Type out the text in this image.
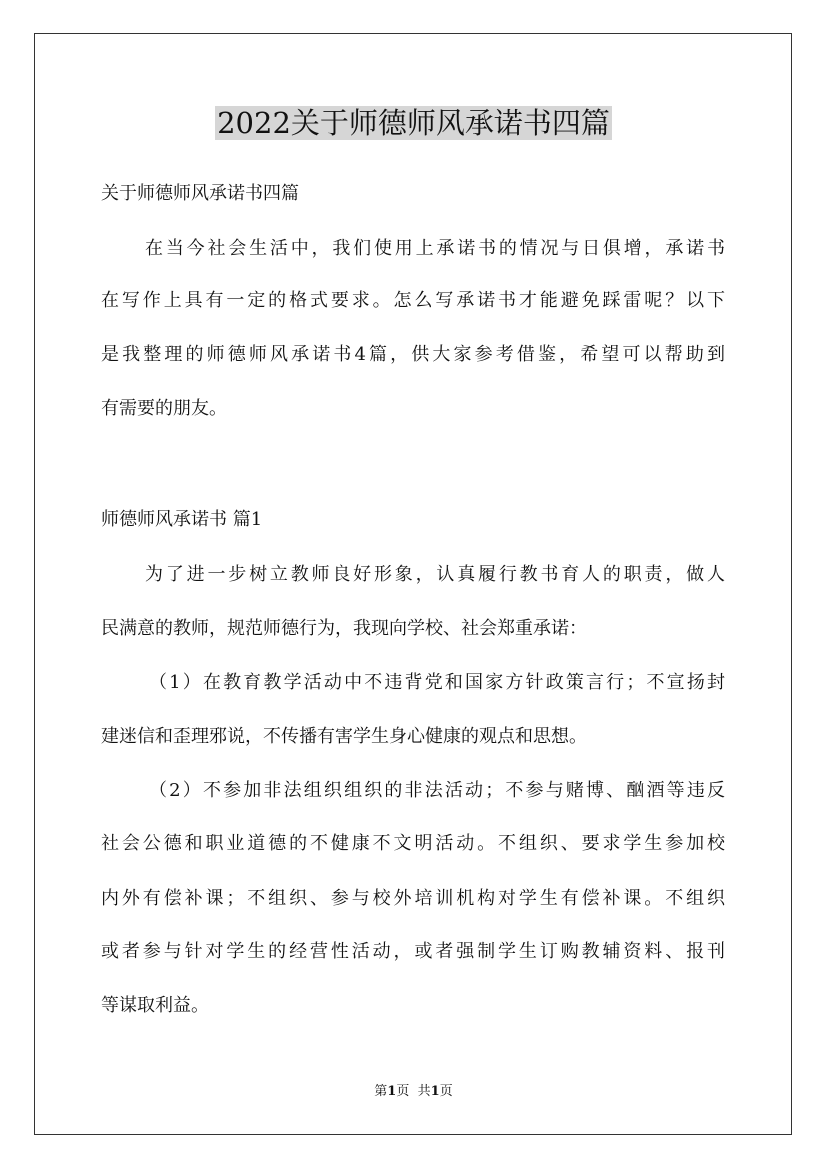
2022关于师德师风承诺书四篇

关于师德师风承诺书四篇

在当今社会生活中，我们使用上承诺书的情况与日俱增，承诺书

在写作上具有一定的格式要求。怎么写承诺书才能避免踩雷呢？以下

是我整理的师德师风承诺书4篇，供大家参考借鉴，希望可以帮助到

有需要的朋友。

师德师风承诺书 篇1

为了进一步树立教师良好形象，认真履行教书育人的职责，做人

民满意的教师，规范师德行为，我现向学校、社会郑重承诺：

（1）在教育教学活动中不违背党和国家方针政策言行；不宣扬封

建迷信和歪理邪说，不传播有害学生身心健康的观点和思想。

（2）不参加非法组织组织的非法活动；不参与赌博、酗酒等违反

社会公德和职业道德的不健康不文明活动。不组织、要求学生参加校

内外有偿补课；不组织、参与校外培训机构对学生有偿补课。不组织

或者参与针对学生的经营性活动，或者强制学生订购教辅资料、报刊

等谋取利益。

第1页 共1页
